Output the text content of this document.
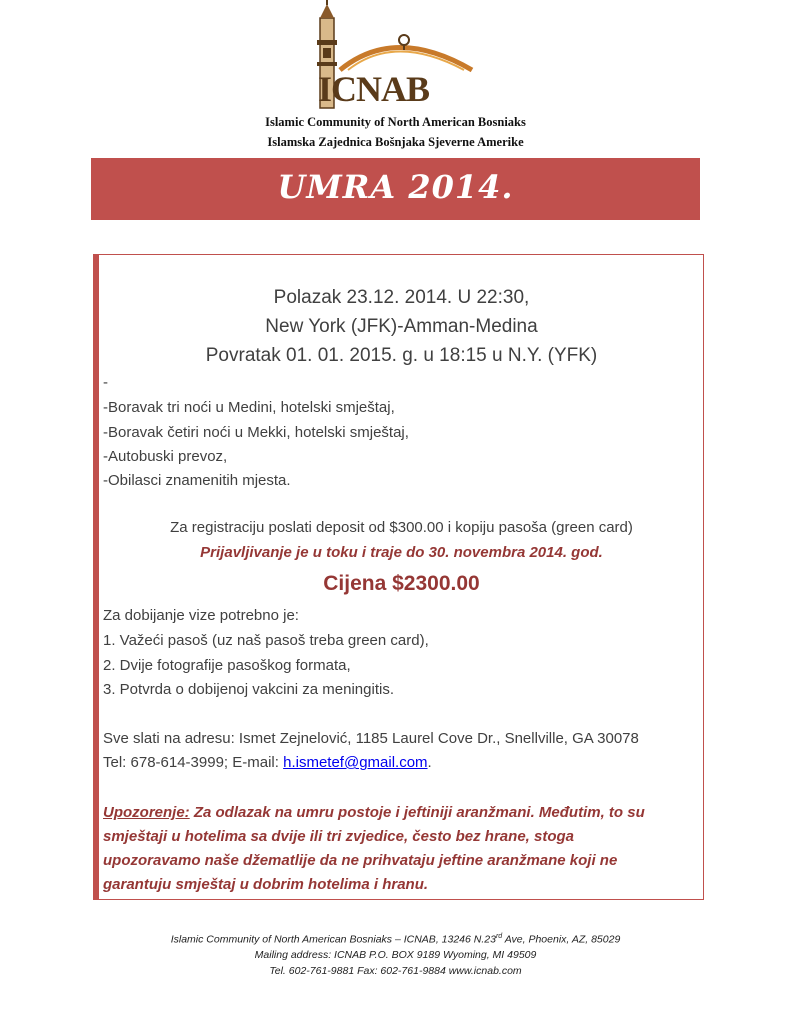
ICNAB
Islamic Community of North American Bosniaks
Islamska Zajednica Bošnjaka Sjeverne Amerike
UMRA 2014.
Polazak 23.12. 2014. U 22:30,
New York (JFK)-Amman-Medina
Povratak 01. 01. 2015. g. u 18:15 u N.Y. (YFK)
-
-Boravak tri noći u Medini, hotelski smještaj,
-Boravak četiri noći u Mekki, hotelski smještaj,
-Autobuski prevoz,
-Obilasci znamenitih mjesta.
Za registraciju poslati deposit od $300.00 i kopiju pasoša (green card)
Prijavljivanje je u toku i traje do 30. novembra 2014. god.
Cijena $2300.00
Za dobijanje vize potrebno je:
1. Važeći pasoš (uz naš pasoš treba green card),
2. Dvije fotografije pasoškog formata,
3. Potvrda o dobijenoj vakcini za meningitis.
Sve slati na adresu: Ismet Zejnelović, 1185 Laurel Cove Dr., Snellville, GA 30078
Tel: 678-614-3999; E-mail: h.ismetef@gmail.com.
Upozorenje: Za odlazak na umru postoje i jeftiniji aranžmani. Međutim, to su
smještaji u hotelima sa dvije ili tri zvjedice, često bez hrane, stoga
upozoravamo naše džematlije da ne prihvataju jeftine aranžmane koji ne
garantuju smještaj u dobrim hotelima i hranu.
Islamic Community of North American Bosniaks – ICNAB, 13246 N.23rd Ave, Phoenix, AZ, 85029
Mailing address: ICNAB P.O. BOX 9189 Wyoming, MI 49509
Tel. 602-761-9881 Fax: 602-761-9884 www.icnab.com
